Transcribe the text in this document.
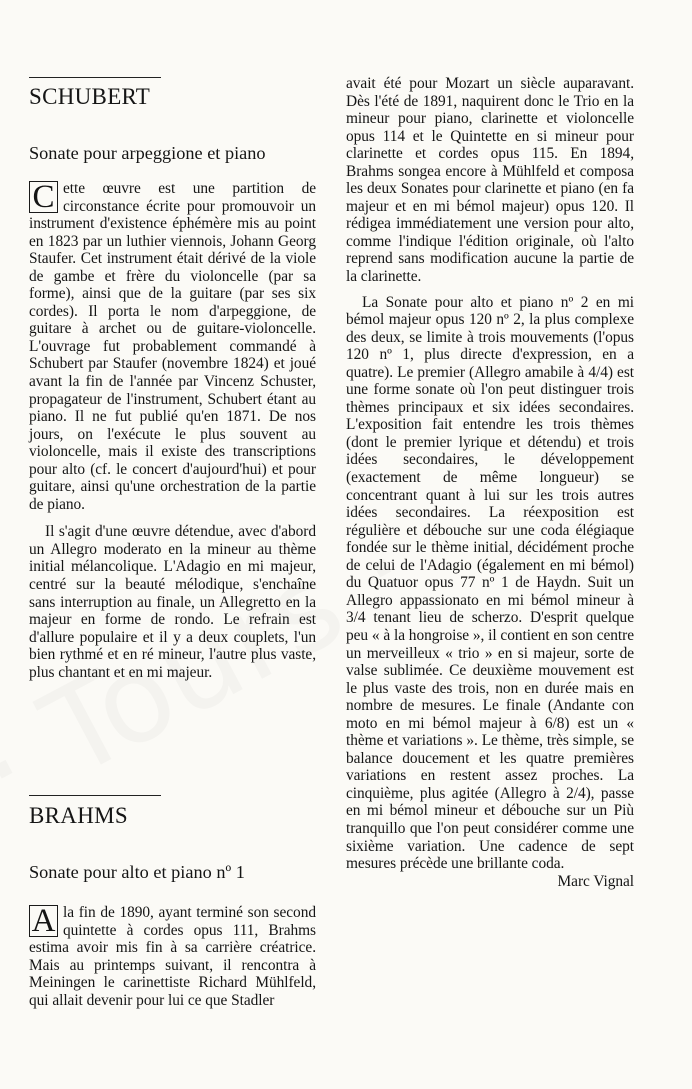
SCHUBERT
Sonate pour arpeggione et piano

C ette œuvre est une partition de circonstance écrite pour promouvoir un instrument d'existence éphémère mis au point en 1823 par un luthier viennois, Johann Georg Staufer. Cet instrument était dérivé de la viole de gambe et frère du violoncelle (par sa forme), ainsi que de la guitare (par ses six cordes). Il porta le nom d'arpeggione, de guitare à archet ou de guitare-violoncelle. L'ouvrage fut probablement commandé à Schubert par Staufer (novembre 1824) et joué avant la fin de l'année par Vincenz Schuster, propagateur de l'instrument, Schubert étant au piano. Il ne fut publié qu'en 1871. De nos jours, on l'exécute le plus souvent au violoncelle, mais il existe des transcriptions pour alto (cf. le concert d'aujourd'hui) et pour guitare, ainsi qu'une orchestration de la partie de piano.

Il s'agit d'une œuvre détendue, avec d'abord un Allegro moderato en la mineur au thème initial mélancolique. L'Adagio en mi majeur, centré sur la beauté mélodique, s'enchaîne sans interruption au finale, un Allegretto en la majeur en forme de rondo. Le refrain est d'allure populaire et il y a deux couplets, l'un bien rythmé et en ré mineur, l'autre plus vaste, plus chantant et en mi majeur.

BRAHMS
Sonate pour alto et piano nº 1

A la fin de 1890, ayant terminé son second quintette à cordes opus 111, Brahms estima avoir mis fin à sa carrière créatrice. Mais au printemps suivant, il rencontra à Meiningen le carinettiste Richard Mühlfeld, qui allait devenir pour lui ce que Stadler

avait été pour Mozart un siècle auparavant. Dès l'été de 1891, naquirent donc le Trio en la mineur pour piano, clarinette et violoncelle opus 114 et le Quintette en si mineur pour clarinette et cordes opus 115. En 1894, Brahms songea encore à Mühlfeld et composa les deux Sonates pour clarinette et piano (en fa majeur et en mi bémol majeur) opus 120. Il rédigea immédiatement une version pour alto, comme l'indique l'édition originale, où l'alto reprend sans modification aucune la partie de la clarinette.

La Sonate pour alto et piano nº 2 en mi bémol majeur opus 120 nº 2, la plus complexe des deux, se limite à trois mouvements (l'opus 120 nº 1, plus directe d'expression, en a quatre). Le premier (Allegro amabile à 4/4) est une forme sonate où l'on peut distinguer trois thèmes principaux et six idées secondaires. L'exposition fait entendre les trois thèmes (dont le premier lyrique et détendu) et trois idées secondaires, le développement (exactement de même longueur) se concentrant quant à lui sur les trois autres idées secondaires. La réexposition est régulière et débouche sur une coda élégiaque fondée sur le thème initial, décidément proche de celui de l'Adagio (également en mi bémol) du Quatuor opus 77 nº 1 de Haydn. Suit un Allegro appassionato en mi bémol mineur à 3/4 tenant lieu de scherzo. D'esprit quelque peu « à la hongroise », il contient en son centre un merveilleux « trio » en si majeur, sorte de valse sublimée. Ce deuxième mouvement est le plus vaste des trois, non en durée mais en nombre de mesures. Le finale (Andante con moto en mi bémol majeur à 6/8) est un « thème et variations ». Le thème, très simple, se balance doucement et les quatre premières variations en restent assez proches. La cinquième, plus agitée (Allegro à 2/4), passe en mi bémol mineur et débouche sur un Più tranquillo que l'on peut considérer comme une sixième variation. Une cadence de sept mesures précède une brillante coda.
Marc Vignal
